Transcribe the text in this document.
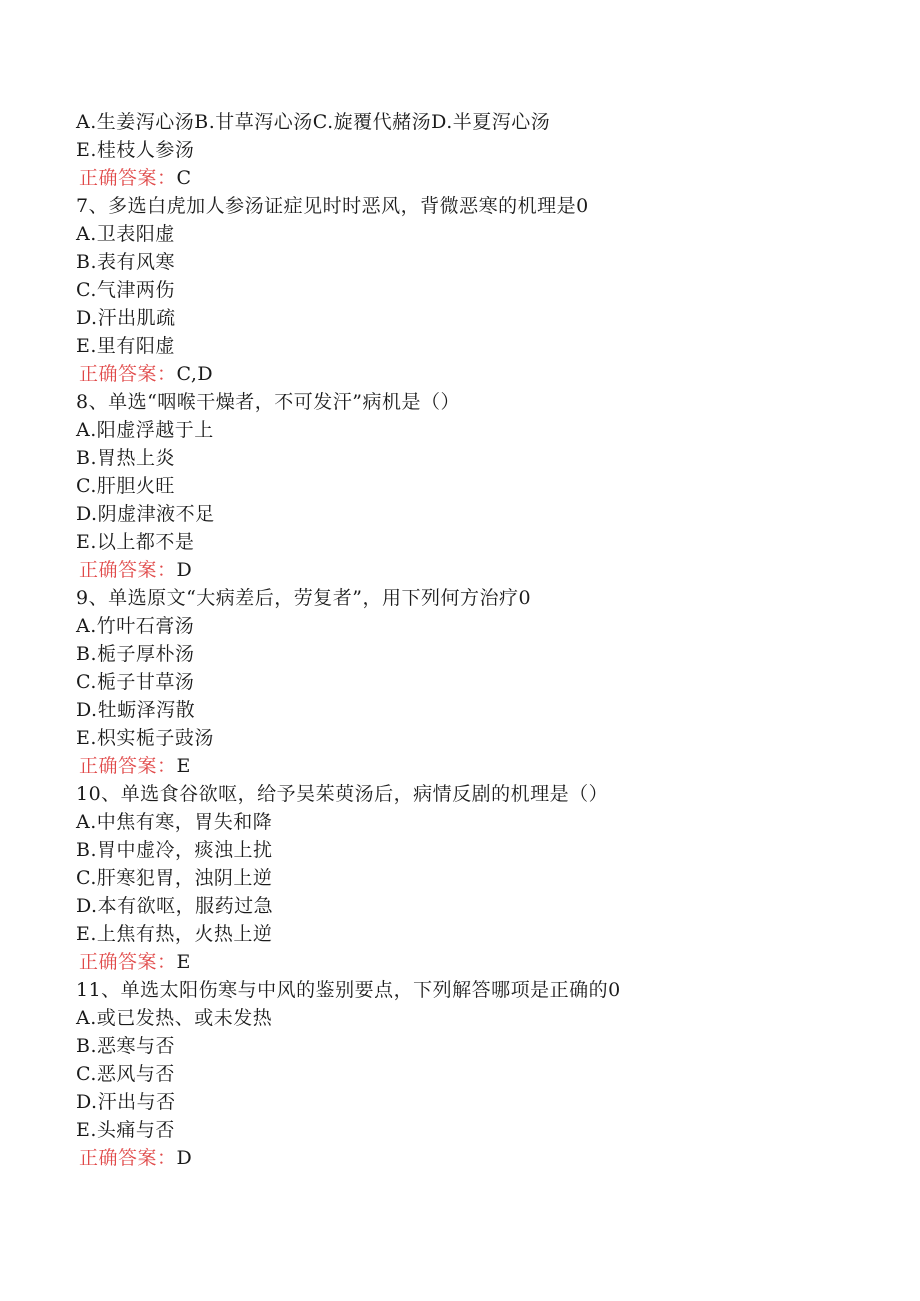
A.生姜泻心汤B.甘草泻心汤C.旋覆代赭汤D.半夏泻心汤
E.桂枝人参汤
正确答案：C
7、多选白虎加人参汤证症见时时恶风，背微恶寒的机理是0
A.卫表阳虚
B.表有风寒
C.气津两伤
D.汗出肌疏
E.里有阳虚
正确答案：C,D
8、单选“咽喉干燥者，不可发汗”病机是（）
A.阳虚浮越于上
B.胃热上炎
C.肝胆火旺
D.阴虚津液不足
E.以上都不是
正确答案：D
9、单选原文“大病差后，劳复者”，用下列何方治疗0
A.竹叶石膏汤
B.栀子厚朴汤
C.栀子甘草汤
D.牡蛎泽泻散
E.枳实栀子豉汤
正确答案：E
10、单选食谷欲呕，给予吴茱萸汤后，病情反剧的机理是（）
A.中焦有寒，胃失和降
B.胃中虚冷，痰浊上扰
C.肝寒犯胃，浊阴上逆
D.本有欲呕，服药过急
E.上焦有热，火热上逆
正确答案：E
11、单选太阳伤寒与中风的鉴别要点，下列解答哪项是正确的0
A.或已发热、或未发热
B.恶寒与否
C.恶风与否
D.汗出与否
E.头痛与否
正确答案：D
